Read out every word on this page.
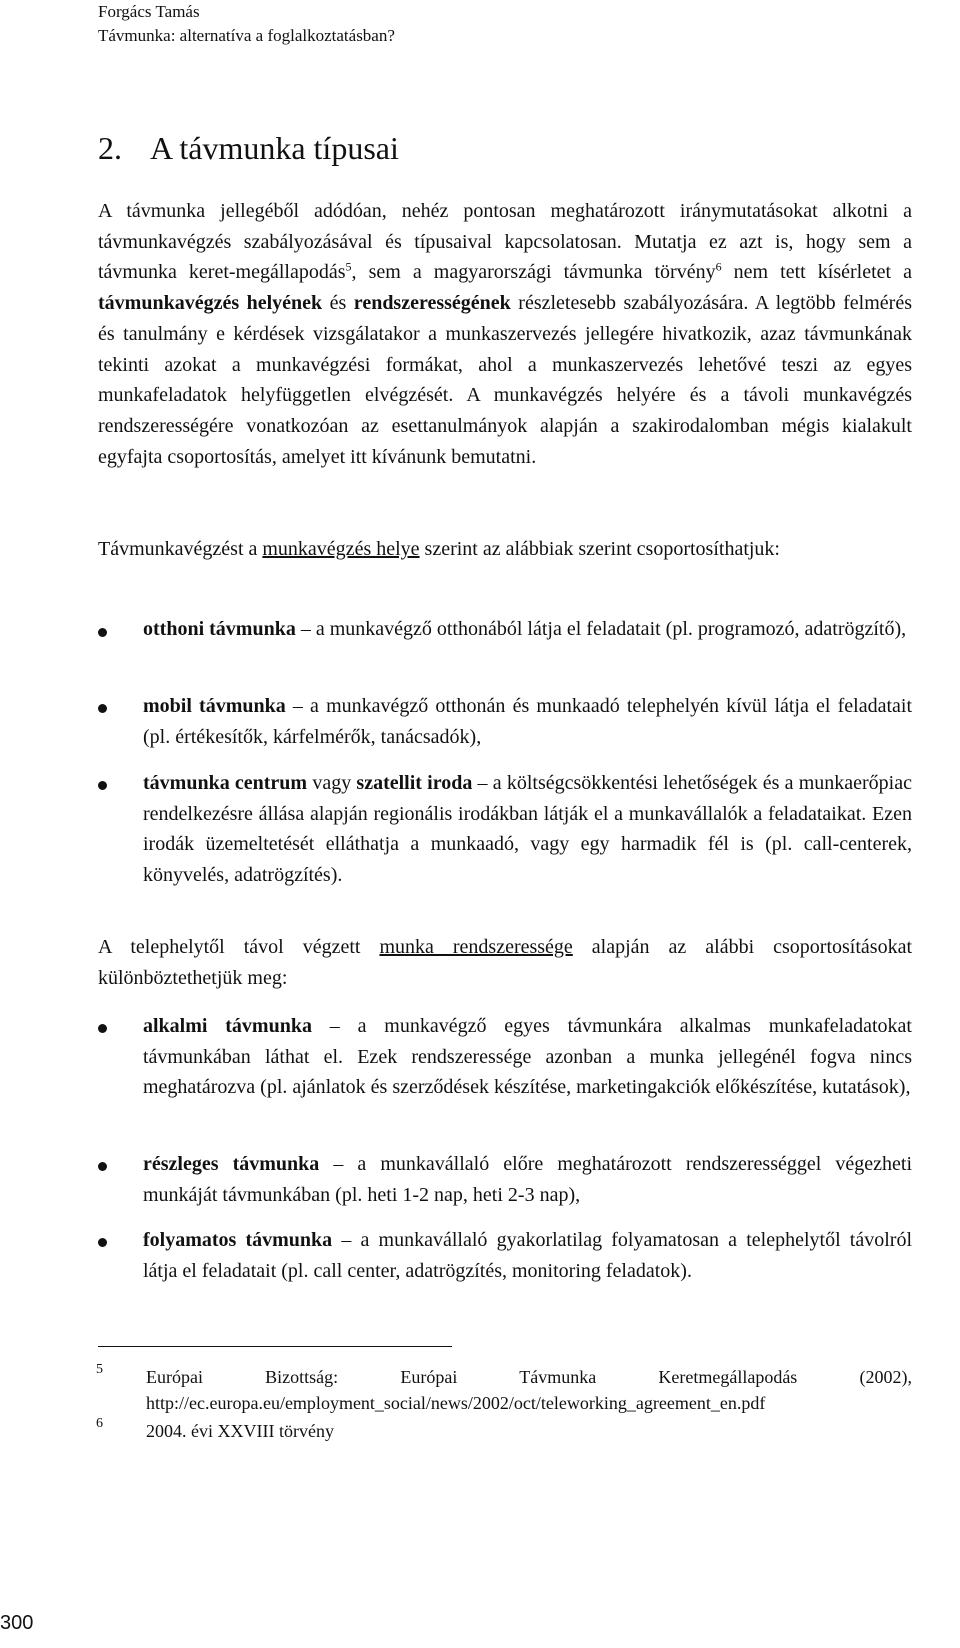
Forgács Tamás
Távmunka: alternatíva a foglalkoztatásban?
2. A távmunka típusai

A távmunka jellegéből adódóan, nehéz pontosan meghatározott iránymutatásokat alkotni a távmunkavégzés szabályozásával és típusaival kapcsolatosan. Mutatja ez azt is, hogy sem a távmunka keret-megállapodás$^5$, sem a magyarországi távmunka törvény$^6$ nem tett kísérletet a távmunkavégzés helyének és rendszerességének részletesebb szabályozására. A legtöbb felmérés és tanulmány e kérdések vizsgálatakor a munkaszervezés jellegére hivatkozik, azaz távmunkának tekinti azokat a munkavégzési formákat, ahol a munkaszervezés lehetővé teszi az egyes munkafeladatok helyfüggetlen elvégzését. A munkavégzés helyére és a távoli munkavégzés rendszerességére vonatkozóan az esettanulmányok alapján a szakirodalomban mégis kialakult egyfajta csoportosítás, amelyet itt kívánunk bemutatni.

Távmunkavégzést a munkavégzés helye szerint az alábbiak szerint csoportosíthatjuk:

otthoni távmunka – a munkavégző otthonából látja el feladatait (pl. programozó, adatrögzítő),

mobil távmunka – a munkavégző otthonán és munkaadó telephelyén kívül látja el feladatait (pl. értékesítők, kárfelmérők, tanácsadók),

távmunka centrum vagy szatellit iroda – a költségcsökkentési lehetőségek és a munkaerőpiac rendelkezésre állása alapján regionális irodákban látják el a munkavállalók a feladataikat. Ezen irodák üzemeltetését elláthatja a munkaadó, vagy egy harmadik fél is (pl. call-centerek, könyvelés, adatrögzítés).

A telephelytől távol végzett munka rendszeressége alapján az alábbi csoportosításokat különböztethetjük meg:

alkalmi távmunka – a munkavégző egyes távmunkára alkalmas munkafeladatokat távmunkában láthat el. Ezek rendszeressége azonban a munka jellegénél fogva nincs meghatározva (pl. ajánlatok és szerződések készítése, marketingakciók előkészítése, kutatások),

részleges távmunka – a munkavállaló előre meghatározott rendszerességgel végezheti munkáját távmunkában (pl. heti 1-2 nap, heti 2-3 nap),

folyamatos távmunka – a munkavállaló gyakorlatilag folyamatosan a telephelytől távolról látja el feladatait (pl. call center, adatrögzítés, monitoring feladatok).

5 Európai Bizottság: Európai Távmunka Keretmegállapodás (2002), http://ec.europa.eu/employment_social/news/2002/oct/teleworking_agreement_en.pdf
6 2004. évi XXVIII törvény
300
